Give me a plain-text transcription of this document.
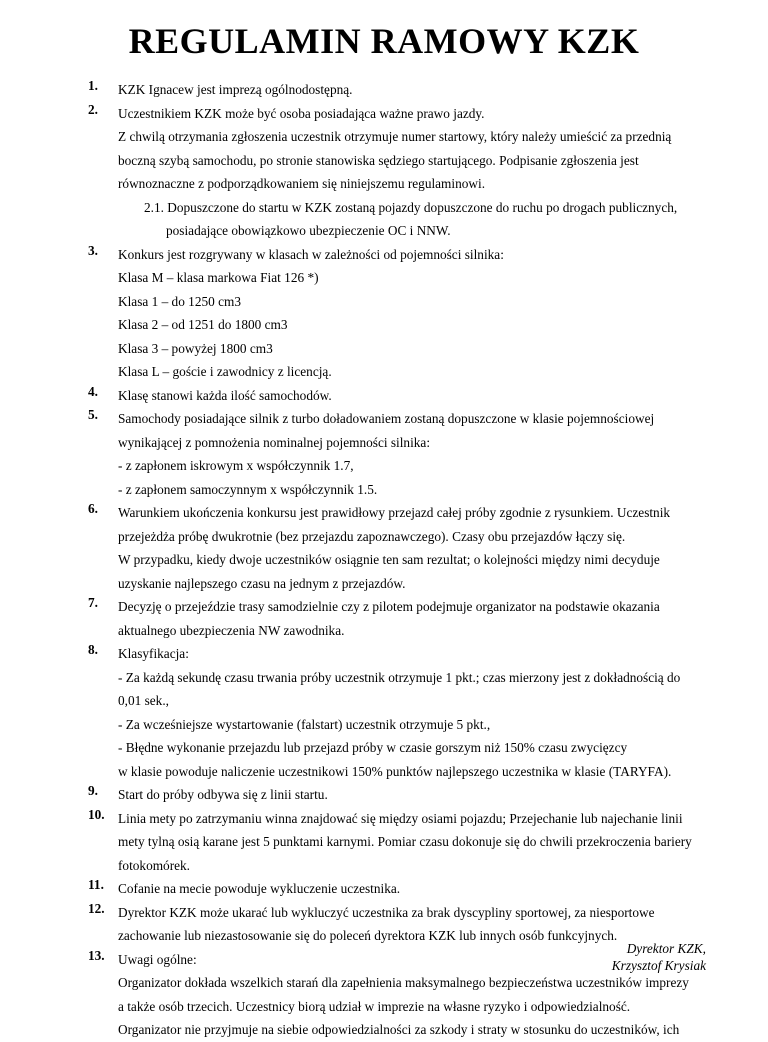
REGULAMIN RAMOWY KZK
1. KZK Ignacew jest imprezą ogólnodostępną.
2. Uczestnikiem KZK może być osoba posiadająca ważne prawo jazdy.
Z chwilą otrzymania zgłoszenia uczestnik otrzymuje numer startowy, który należy umieścić za przednią
boczną szybą samochodu, po stronie stanowiska sędziego startującego. Podpisanie zgłoszenia jest
równoznaczne z podporządkowaniem się niniejszemu regulaminowi.
2.1. Dopuszczone do startu w KZK zostaną pojazdy dopuszczone do ruchu po drogach publicznych,
posiadające obowiązkowo ubezpieczenie OC i NNW.
3. Konkurs jest rozgrywany w klasach w zależności od pojemności silnika:
Klasa M – klasa markowa Fiat 126 *)
Klasa 1 – do 1250 cm3
Klasa 2 – od 1251 do 1800 cm3
Klasa 3 – powyżej 1800 cm3
Klasa L – goście i zawodnicy z licencją.
4. Klasę stanowi każda ilość samochodów.
5. Samochody posiadające silnik z turbo doładowaniem zostaną dopuszczone w klasie pojemnościowej
wynikającej z pomnożenia nominalnej pojemności silnika:
- z zapłonem iskrowym x współczynnik 1.7,
- z zapłonem samoczynnym x współczynnik 1.5.
6. Warunkiem ukończenia konkursu jest prawidłowy przejazd całej próby zgodnie z rysunkiem. Uczestnik
przejeżdża próbę dwukrotnie (bez przejazdu zapoznawczego). Czasy obu przejazdów łączy się.
W przypadku, kiedy dwoje uczestników osiągnie ten sam rezultat; o kolejności między nimi decyduje
uzyskanie najlepszego czasu na jednym z przejazdów.
7. Decyzję o przejeździe trasy samodzielnie czy z pilotem podejmuje organizator na podstawie okazania
aktualnego ubezpieczenia NW zawodnika.
8. Klasyfikacja:
- Za każdą sekundę czasu trwania próby uczestnik otrzymuje 1 pkt.; czas mierzony jest z dokładnością do
0,01 sek.,
- Za wcześniejsze wystartowanie (falstart) uczestnik otrzymuje 5 pkt.,
- Błędne wykonanie przejazdu lub przejazd próby w czasie gorszym niż 150% czasu zwycięzcy
w klasie powoduje naliczenie uczestnikowi 150% punktów najlepszego uczestnika w klasie (TARYFA).
9. Start do próby odbywa się z linii startu.
10. Linia mety po zatrzymaniu winna znajdować się między osiami pojazdu; Przejechanie lub najechanie linii
mety tylną osią karane jest 5 punktami karnymi. Pomiar czasu dokonuje się do chwili przekroczenia bariery
fotokomórek.
11. Cofanie na mecie powoduje wykluczenie uczestnika.
12. Dyrektor KZK może ukarać lub wykluczyć uczestnika za brak dyscypliny sportowej, za niesportowe
zachowanie lub niezastosowanie się do poleceń dyrektora KZK lub innych osób funkcyjnych.
13. Uwagi ogólne:
Organizator dokłada wszelkich starań dla zapełnienia maksymalnego bezpieczeństwa uczestników imprezy
a także osób trzecich. Uczestnicy biorą udział w imprezie na własne ryzyko i odpowiedzialność.
Organizator nie przyjmuje na siebie odpowiedzialności za szkody i straty w stosunku do uczestników, ich
Dyrektor KZK,
Krzysztof Krysiak
